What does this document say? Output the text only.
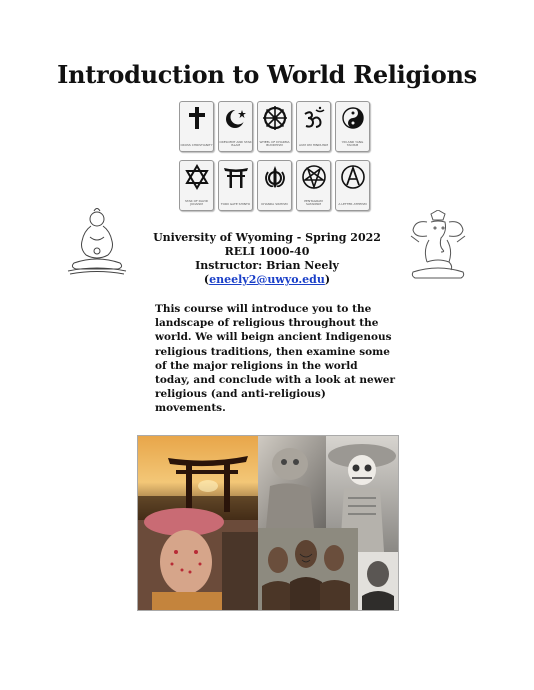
Introduction to World Religions
CROSS CHRISTIANITY
CRESCENT AND STAR ISLAM
WHEEL OF DHARMA BUDDHISM	AUM OM HINDUISM
YIN AND YANG TAOISM
STAR OF DAVID JUDAISM	TORII GATE SHINTO	KHANDA SIKHISM
PENTAGRAM SATANISM	A LETTER ATHEISM
University of Wyoming - Spring 2022
RELI 1000-40
Instructor: Brian Neely
(eneely2@uwyo.edu)
This course will introduce you to the landscape of religious throughout the world. We will beign ancient Indigenous religious traditions, then examine some of the major religions in the world today, and conclude with a look at newer religious (and anti-religious) movements.
